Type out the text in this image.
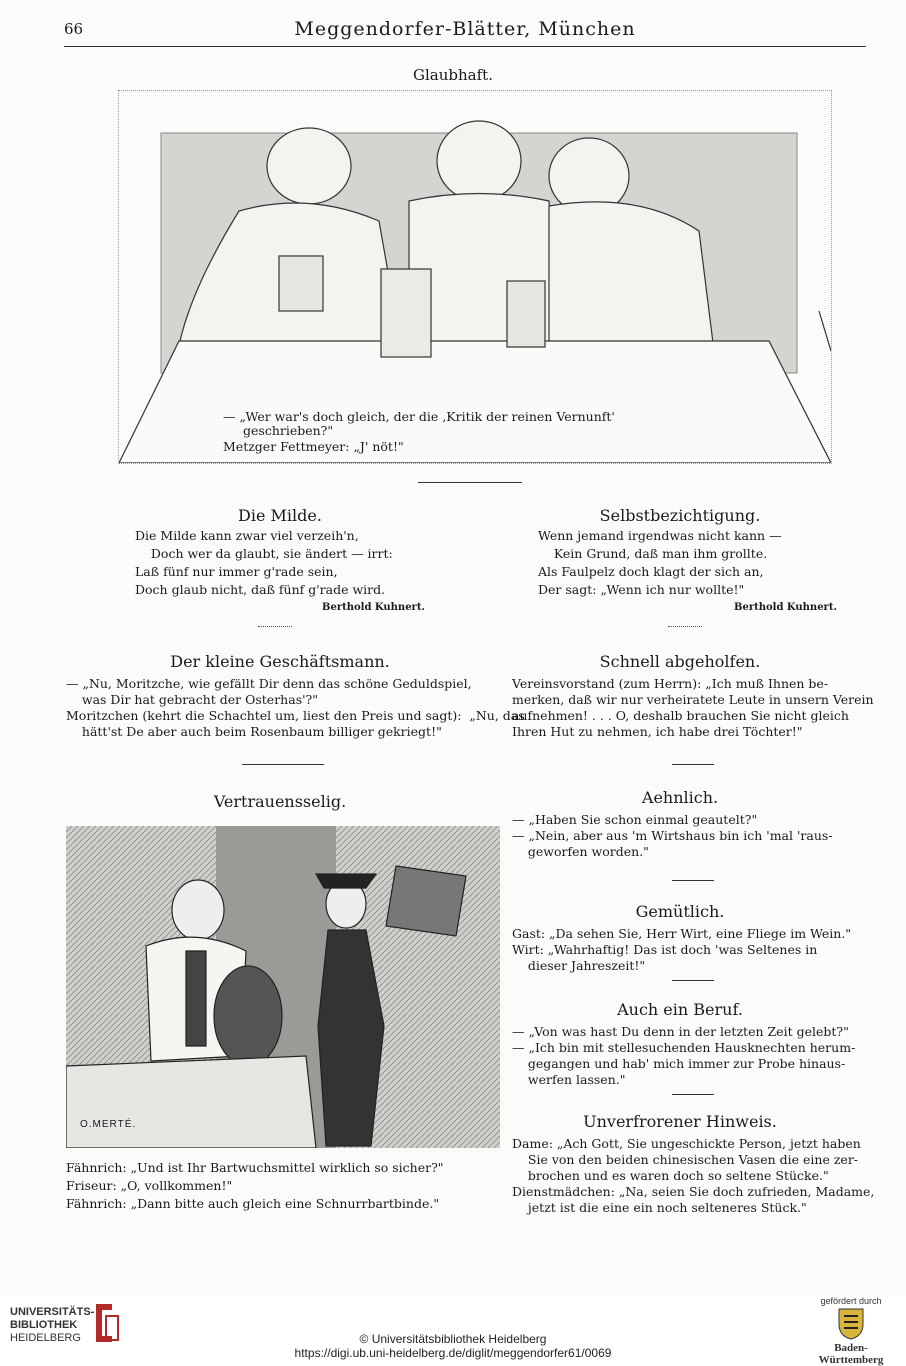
66	Meggendorfer-Blätter, München
Glaubhaft.
— „Wer war's doch gleich, der die ‚Kritik der reinen Vernunft'
geschrieben?"
Metzger Fettmeyer: „J' nöt!"
Die Milde.
Die Milde kann zwar viel verzeih'n,
Doch wer da glaubt, sie ändert — irrt:
Laß fünf nur immer g'rade sein,
Doch glaub nicht, daß fünf g'rade wird.
Berthold Kuhnert.
Selbstbezichtigung.
Wenn jemand irgendwas nicht kann —
Kein Grund, daß man ihm grollte.
Als Faulpelz doch klagt der sich an,
Der sagt: „Wenn ich nur wollte!"
Berthold Kuhnert.
Der kleine Geschäftsmann.
— „Nu, Moritzche, wie gefällt Dir denn das schöne Geduldspiel,
was Dir hat gebracht der Osterhas'?"
Moritzchen (kehrt die Schachtel um, liest den Preis und sagt):  „Nu, das
hätt'st De aber auch beim Rosenbaum billiger gekriegt!"
Schnell abgeholfen.
Vereinsvorstand (zum Herrn): „Ich muß Ihnen be-
merken, daß wir nur verheiratete Leute in unsern Verein
aufnehmen! . . . O, deshalb brauchen Sie nicht gleich
Ihren Hut zu nehmen, ich habe drei Töchter!"
Vertrauensselig.
O.MERTÉ.
Fähnrich: „Und ist Ihr Bartwuchsmittel wirklich so sicher?"
Friseur: „O, vollkommen!"
Fähnrich: „Dann bitte auch gleich eine Schnurrbartbinde."
Aehnlich.
— „Haben Sie schon einmal geautelt?"
— „Nein, aber aus 'm Wirtshaus bin ich 'mal 'raus-
geworfen worden."
Gemütlich.
Gast: „Da sehen Sie, Herr Wirt, eine Fliege im Wein."
Wirt: „Wahrhaftig! Das ist doch 'was Seltenes in
dieser Jahreszeit!"
Auch ein Beruf.
— „Von was hast Du denn in der letzten Zeit gelebt?"
— „Ich bin mit stellesuchenden Hausknechten herum-
gegangen und hab' mich immer zur Probe hinaus-
werfen lassen."
Unverfrorener Hinweis.
Dame: „Ach Gott, Sie ungeschickte Person, jetzt haben
Sie von den beiden chinesischen Vasen die eine zer-
brochen und es waren doch so seltene Stücke."
Dienstmädchen: „Na, seien Sie doch zufrieden, Madame,
jetzt ist die eine ein noch selteneres Stück."
UNIVERSITÄTS-
BIBLIOTHEK
HEIDELBERG	© Universitätsbibliothek Heidelberg
https://digi.ub.uni-heidelberg.de/diglit/meggendorfer61/0069
gefördert durch
Baden-Württemberg
